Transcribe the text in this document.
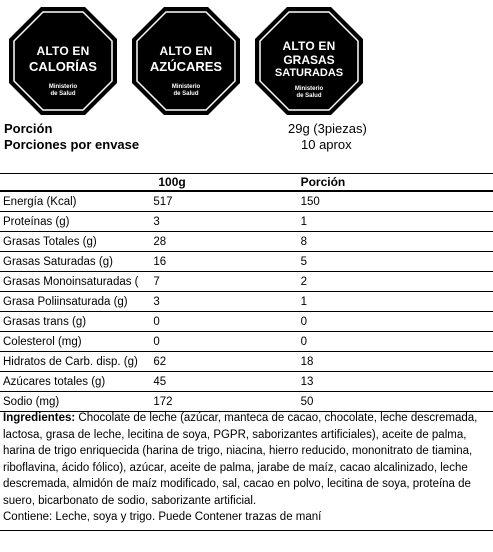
ALTO EN
CALORÍAS
Ministerio
de Salud
ALTO EN
AZÚCARES
Ministerio
de Salud
ALTO EN
GRASAS
SATURADAS
Ministerio
de Salud
Porción	29g (3piezas)
Porciones por envase	10 aprox
	100g	Porción
Energía (Kcal)	517	150
Proteínas (g)	3	1
Grasas Totales (g)	28	8
Grasas Saturadas (g)	16	5
Grasas Monoinsaturadas (	7	2
Grasa Poliinsaturada (g)	3	1
Grasas trans (g)	0	0
Colesterol (mg)	0	0
Hidratos de Carb. disp. (g)	62	18
Azúcares totales (g)	45	13
Sodio (mg)	172	50
Ingredientes: Chocolate de leche (azúcar, manteca de cacao, chocolate, leche descremada, lactosa, grasa de leche, lecitina de soya, PGPR, saborizantes artificiales), aceite de palma, harina de trigo enriquecida (harina de trigo, niacina, hierro reducido, mononitrato de tiamina, riboflavina, ácido fólico), azúcar, aceite de palma, jarabe de maíz, cacao alcalinizado, leche descremada, almidón de maíz modificado, sal, cacao en polvo, lecitina de soya, proteína de suero, bicarbonato de sodio, saborizante artificial.
Contiene: Leche, soya y trigo. Puede Contener trazas de maní
